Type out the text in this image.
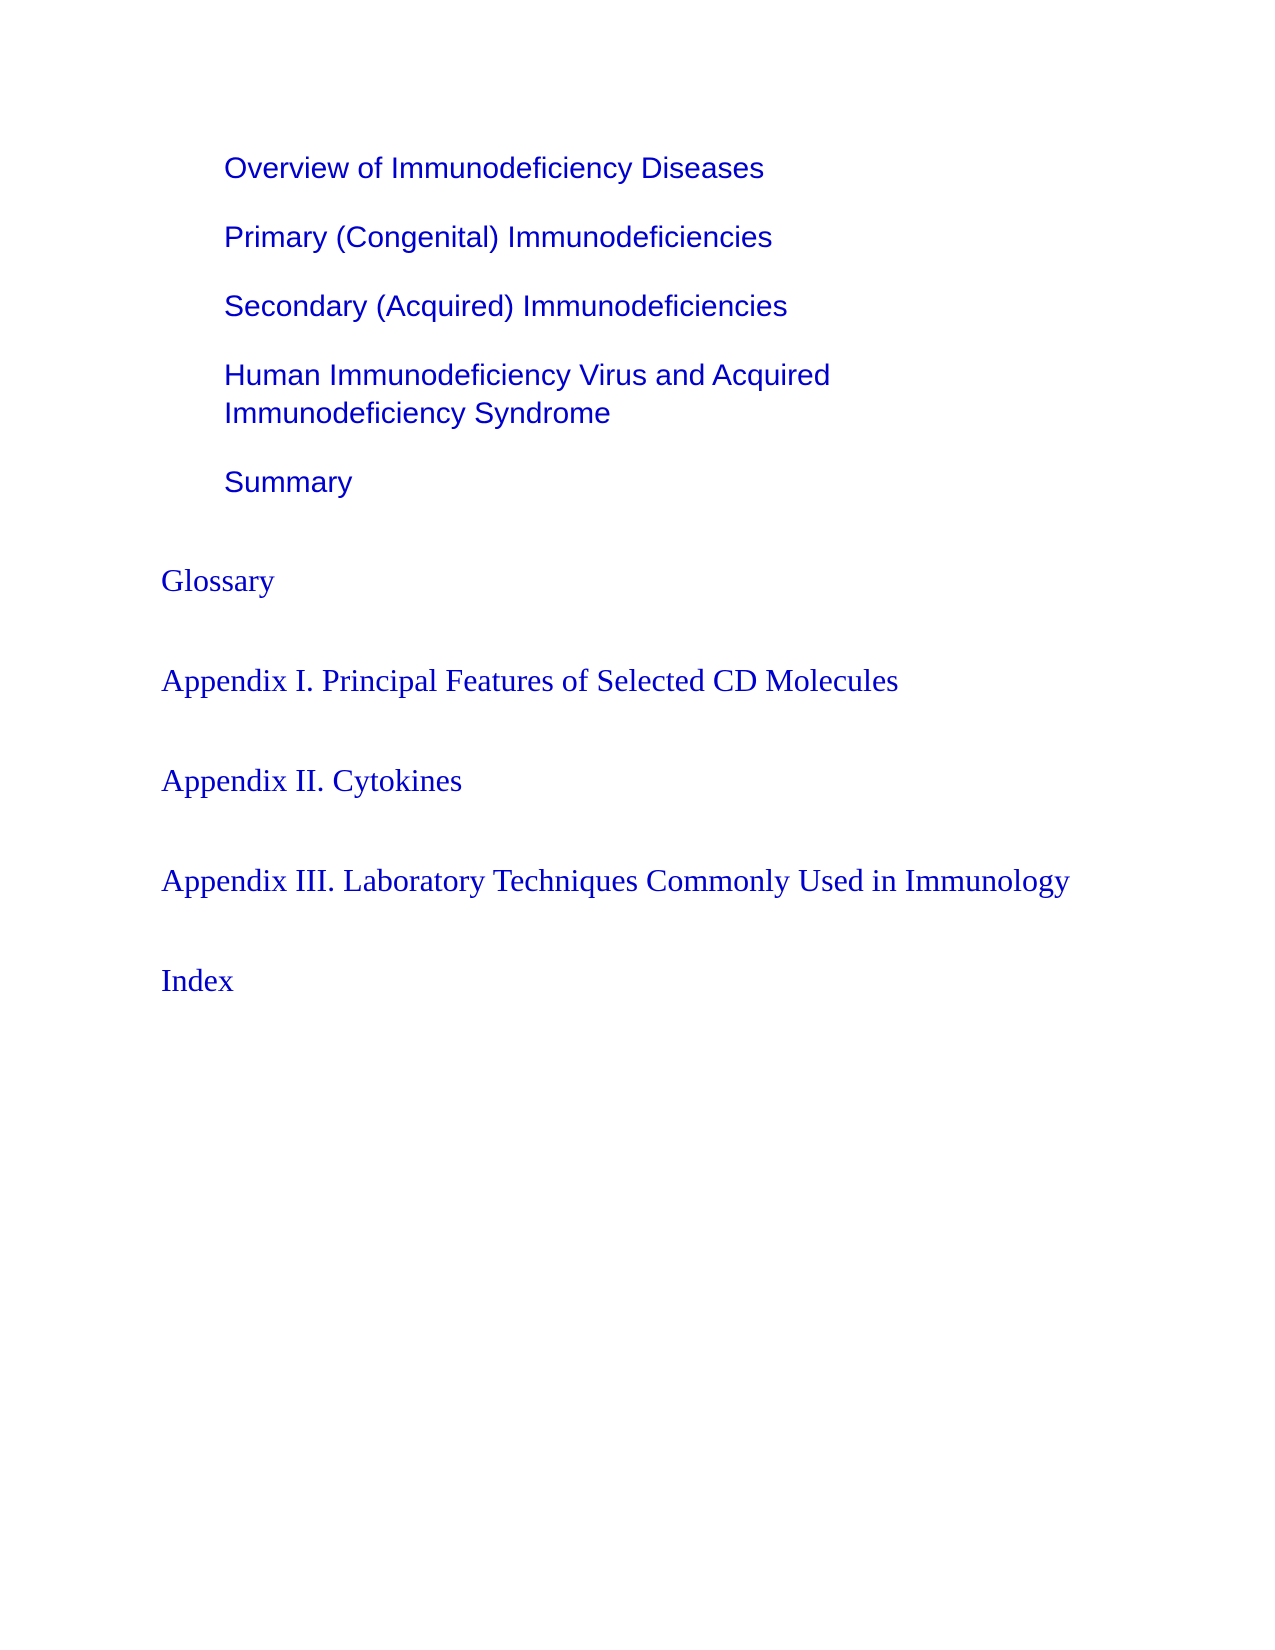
Overview of Immunodeficiency Diseases
Primary (Congenital) Immunodeficiencies
Secondary (Acquired) Immunodeficiencies
Human Immunodeficiency Virus and Acquired Immunodeficiency Syndrome
Summary
Glossary
Appendix I. Principal Features of Selected CD Molecules
Appendix II. Cytokines
Appendix III. Laboratory Techniques Commonly Used in Immunology
Index
